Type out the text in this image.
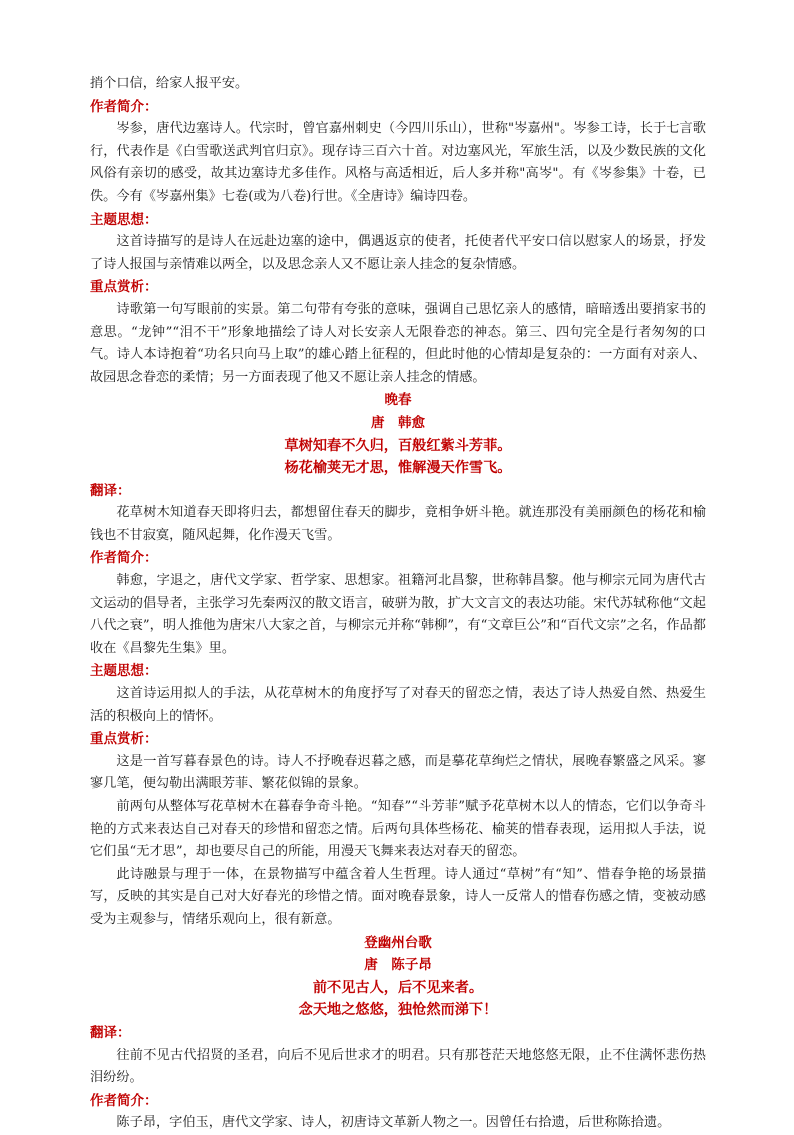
捎个口信，给家人报平安。

作者简介：

岑参，唐代边塞诗人。代宗时，曾官嘉州刺史（今四川乐山），世称"岑嘉州"。岑参工诗，长于七言歌行，代表作是《白雪歌送武判官归京》。现存诗三百六十首。对边塞风光，军旅生活，以及少数民族的文化风俗有亲切的感受，故其边塞诗尤多佳作。风格与高适相近，后人多并称"高岑"。有《岑参集》十卷，已佚。今有《岑嘉州集》七卷(或为八卷)行世。《全唐诗》编诗四卷。

主题思想：

这首诗描写的是诗人在远赴边塞的途中，偶遇返京的使者，托使者代平安口信以慰家人的场景，抒发了诗人报国与亲情难以两全，以及思念亲人又不愿让亲人挂念的复杂情感。

重点赏析：

诗歌第一句写眼前的实景。第二句带有夸张的意味，强调自己思忆亲人的感情，暗暗透出要捎家书的意思。“龙钟”“泪不干”形象地描绘了诗人对长安亲人无限眷恋的神态。第三、四句完全是行者匆匆的口气。诗人本诗抱着“功名只向马上取”的雄心踏上征程的，但此时他的心情却是复杂的：一方面有对亲人、故园思念眷恋的柔情；另一方面表现了他又不愿让亲人挂念的情感。

晚春

唐　韩愈

草树知春不久归，百般红紫斗芳菲。

杨花榆荚无才思，惟解漫天作雪飞。

翻译：

花草树木知道春天即将归去，都想留住春天的脚步，竟相争妍斗艳。就连那没有美丽颜色的杨花和榆钱也不甘寂寞，随风起舞，化作漫天飞雪。

作者简介：

韩愈，字退之，唐代文学家、哲学家、思想家。祖籍河北昌黎，世称韩昌黎。他与柳宗元同为唐代古文运动的倡导者，主张学习先秦两汉的散文语言，破骈为散，扩大文言文的表达功能。宋代苏轼称他“文起八代之衰”，明人推他为唐宋八大家之首，与柳宗元并称“韩柳”，有“文章巨公”和“百代文宗”之名，作品都收在《昌黎先生集》里。

主题思想：

这首诗运用拟人的手法，从花草树木的角度抒写了对春天的留恋之情，表达了诗人热爱自然、热爱生活的积极向上的情怀。

重点赏析：

这是一首写暮春景色的诗。诗人不抒晚春迟暮之感，而是摹花草绚烂之情状，展晚春繁盛之风采。寥寥几笔，便勾勒出满眼芳菲、繁花似锦的景象。

前两句从整体写花草树木在暮春争奇斗艳。“知春”“斗芳菲”赋予花草树木以人的情态，它们以争奇斗艳的方式来表达自己对春天的珍惜和留恋之情。后两句具体些杨花、榆荚的惜春表现，运用拟人手法，说它们虽“无才思”，却也要尽自己的所能，用漫天飞舞来表达对春天的留恋。

此诗融景与理于一体，在景物描写中蕴含着人生哲理。诗人通过“草树”有“知”、惜春争艳的场景描写，反映的其实是自己对大好春光的珍惜之情。面对晚春景象，诗人一反常人的惜春伤感之情，变被动感受为主观参与，情绪乐观向上，很有新意。

登幽州台歌

唐　陈子昂

前不见古人，后不见来者。

念天地之悠悠，独怆然而涕下！

翻译：

往前不见古代招贤的圣君，向后不见后世求才的明君。只有那苍茫天地悠悠无限，止不住满怀悲伤热泪纷纷。

作者简介：

陈子昂，字伯玉，唐代文学家、诗人，初唐诗文革新人物之一。因曾任右拾遗，后世称陈拾遗。
